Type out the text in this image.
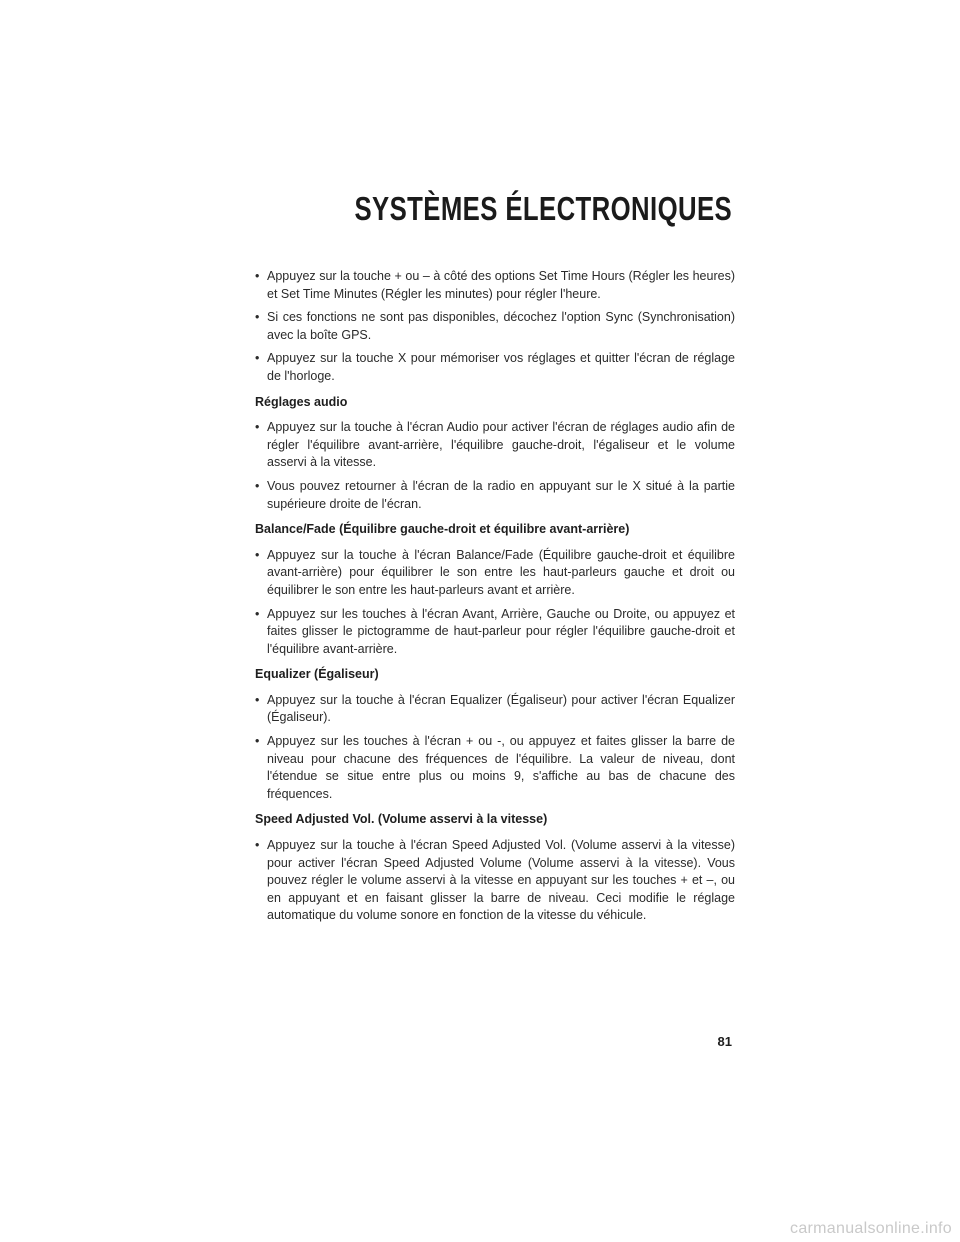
SYSTÈMES ÉLECTRONIQUES
• Appuyez sur la touche + ou – à côté des options Set Time Hours (Régler les heures) et Set Time Minutes (Régler les minutes) pour régler l'heure.
• Si ces fonctions ne sont pas disponibles, décochez l'option Sync (Synchronisation) avec la boîte GPS.
• Appuyez sur la touche X pour mémoriser vos réglages et quitter l'écran de réglage de l'horloge.
Réglages audio
• Appuyez sur la touche à l'écran Audio pour activer l'écran de réglages audio afin de régler l'équilibre avant-arrière, l'équilibre gauche-droit, l'égaliseur et le volume asservi à la vitesse.
• Vous pouvez retourner à l'écran de la radio en appuyant sur le X situé à la partie supérieure droite de l'écran.
Balance/Fade (Équilibre gauche-droit et équilibre avant-arrière)
• Appuyez sur la touche à l'écran Balance/Fade (Équilibre gauche-droit et équilibre avant-arrière) pour équilibrer le son entre les haut-parleurs gauche et droit ou équilibrer le son entre les haut-parleurs avant et arrière.
• Appuyez sur les touches à l'écran Avant, Arrière, Gauche ou Droite, ou appuyez et faites glisser le pictogramme de haut-parleur pour régler l'équilibre gauche-droit et l'équilibre avant-arrière.
Equalizer (Égaliseur)
• Appuyez sur la touche à l'écran Equalizer (Égaliseur) pour activer l'écran Equalizer (Égaliseur).
• Appuyez sur les touches à l'écran + ou -, ou appuyez et faites glisser la barre de niveau pour chacune des fréquences de l'équilibre. La valeur de niveau, dont l'étendue se situe entre plus ou moins 9, s'affiche au bas de chacune des fréquences.
Speed Adjusted Vol. (Volume asservi à la vitesse)
• Appuyez sur la touche à l'écran Speed Adjusted Vol. (Volume asservi à la vitesse) pour activer l'écran Speed Adjusted Volume (Volume asservi à la vitesse). Vous pouvez régler le volume asservi à la vitesse en appuyant sur les touches + et –, ou en appuyant et en faisant glisser la barre de niveau. Ceci modifie le réglage automatique du volume sonore en fonction de la vitesse du véhicule.
81
carmanualsonline.info
